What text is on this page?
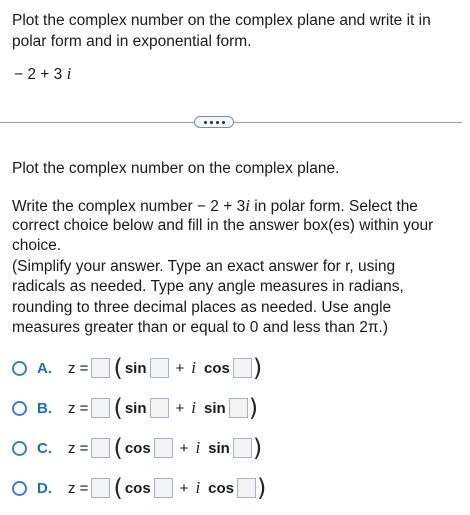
Plot the complex number on the complex plane and write it in polar form and in exponential form.
− 2 + 3 i
Plot the complex number on the complex plane.
Write the complex number − 2 + 3i in polar form. Select the
correct choice below and fill in the answer box(es) within your
choice.
(Simplify your answer. Type an exact answer for r, using
radicals as needed. Type any angle measures in radians,
rounding to three decimal places as needed. Use angle
measures greater than or equal to 0 and less than 2π.)
A.	z = ( sin + i cos )
B.	z = ( sin + i sin )
C.	z = ( cos + i sin )
D.	z = ( cos + i cos )
